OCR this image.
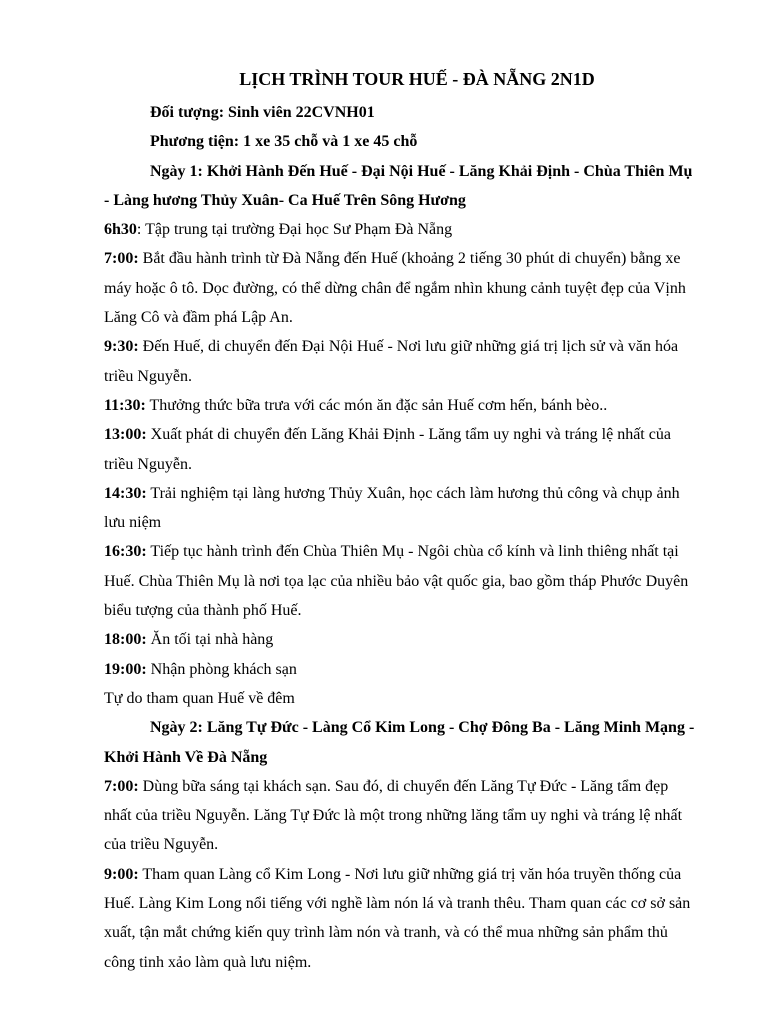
LỊCH TRÌNH TOUR HUẾ - ĐÀ NẴNG 2N1D

Đối tượng: Sinh viên 22CVNH01

Phương tiện: 1 xe 35 chỗ và 1 xe 45 chỗ

Ngày 1: Khởi Hành Đến Huế - Đại Nội Huế - Lăng Khải Định - Chùa Thiên Mụ - Làng hương Thủy Xuân- Ca Huế Trên Sông Hương

6h30: Tập trung tại trường Đại học Sư Phạm Đà Nẵng

7:00: Bắt đầu hành trình từ Đà Nẵng đến Huế (khoảng 2 tiếng 30 phút di chuyển) bằng xe máy hoặc ô tô. Dọc đường, có thể dừng chân để ngắm nhìn khung cảnh tuyệt đẹp của Vịnh Lăng Cô và đầm phá Lập An.

9:30: Đến Huế, di chuyển đến Đại Nội Huế - Nơi lưu giữ những giá trị lịch sử và văn hóa triều Nguyễn.

11:30: Thưởng thức bữa trưa với các món ăn đặc sản Huế cơm hến, bánh bèo..

13:00: Xuất phát di chuyển đến Lăng Khải Định - Lăng tẩm uy nghi và tráng lệ nhất của triều Nguyễn.

14:30: Trải nghiệm tại làng hương Thủy Xuân, học cách làm hương thủ công và chụp ảnh lưu niệm

16:30: Tiếp tục hành trình đến Chùa Thiên Mụ - Ngôi chùa cổ kính và linh thiêng nhất tại Huế. Chùa Thiên Mụ là nơi tọa lạc của nhiều bảo vật quốc gia, bao gồm tháp Phước Duyên biểu tượng của thành phố Huế.

18:00: Ăn tối tại nhà hàng

19:00: Nhận phòng khách sạn

Tự do tham quan Huế về đêm

Ngày 2: Lăng Tự Đức - Làng Cổ Kim Long - Chợ Đông Ba - Lăng Minh Mạng - Khởi Hành Về Đà Nẵng

7:00: Dùng bữa sáng tại khách sạn. Sau đó, di chuyển đến Lăng Tự Đức - Lăng tẩm đẹp nhất của triều Nguyễn. Lăng Tự Đức là một trong những lăng tẩm uy nghi và tráng lệ nhất của triều Nguyễn.

9:00: Tham quan Làng cổ Kim Long - Nơi lưu giữ những giá trị văn hóa truyền thống của Huế. Làng Kim Long nổi tiếng với nghề làm nón lá và tranh thêu. Tham quan các cơ sở sản xuất, tận mắt chứng kiến quy trình làm nón và tranh, và có thể mua những sản phẩm thủ công tinh xảo làm quà lưu niệm.
